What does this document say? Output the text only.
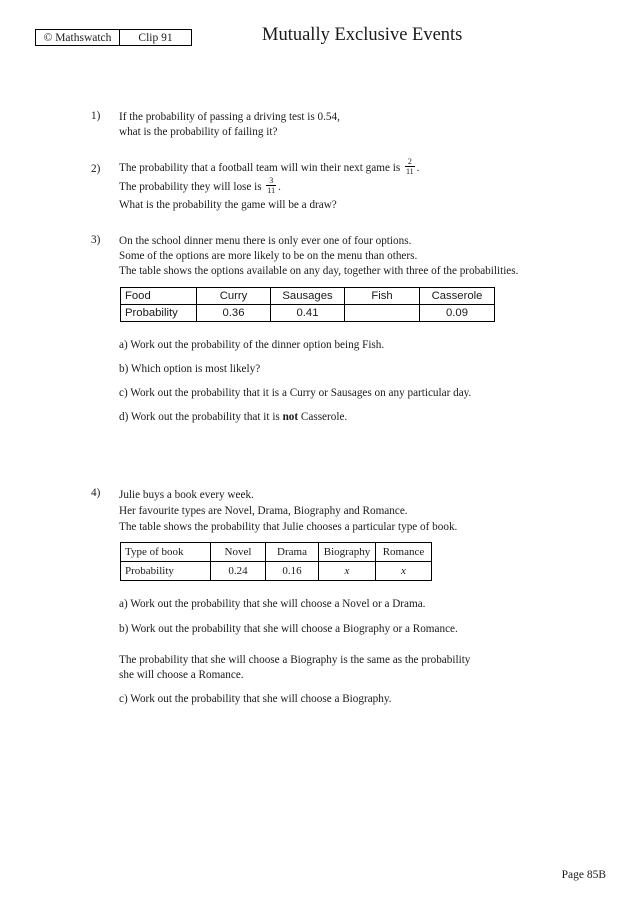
© Mathswatch	Clip 91	Mutually Exclusive Events
1) If the probability of passing a driving test is 0.54,
what is the probability of failing it?
2) The probability that a football team will win their next game is $\frac{2}{11}$ .
The probability they will lose is $\frac{3}{11}$ .
What is the probability the game will be a draw?
3) On the school dinner menu there is only ever one of four options.
Some of the options are more likely to be on the menu than others.
The table shows the options available on any day, together with three of the probabilities.
Food	Curry	Sausages	Fish	Casserole
Probability	0.36	0.41		0.09
a) Work out the probability of the dinner option being Fish.
b) Which option is most likely?
c) Work out the probability that it is a Curry or Sausages on any particular day.
d) Work out the probability that it is not Casserole.
4) Julie buys a book every week.
Her favourite types are Novel, Drama, Biography and Romance.
The table shows the probability that Julie chooses a particular type of book.
Type of book	Novel	Drama	Biography	Romance
Probability	0.24	0.16	x	x
a) Work out the probability that she will choose a Novel or a Drama.
b) Work out the probability that she will choose a Biography or a Romance.
The probability that she will choose a Biography is the same as the probability
she will choose a Romance.
c) Work out the probability that she will choose a Biography.
Page 85B
